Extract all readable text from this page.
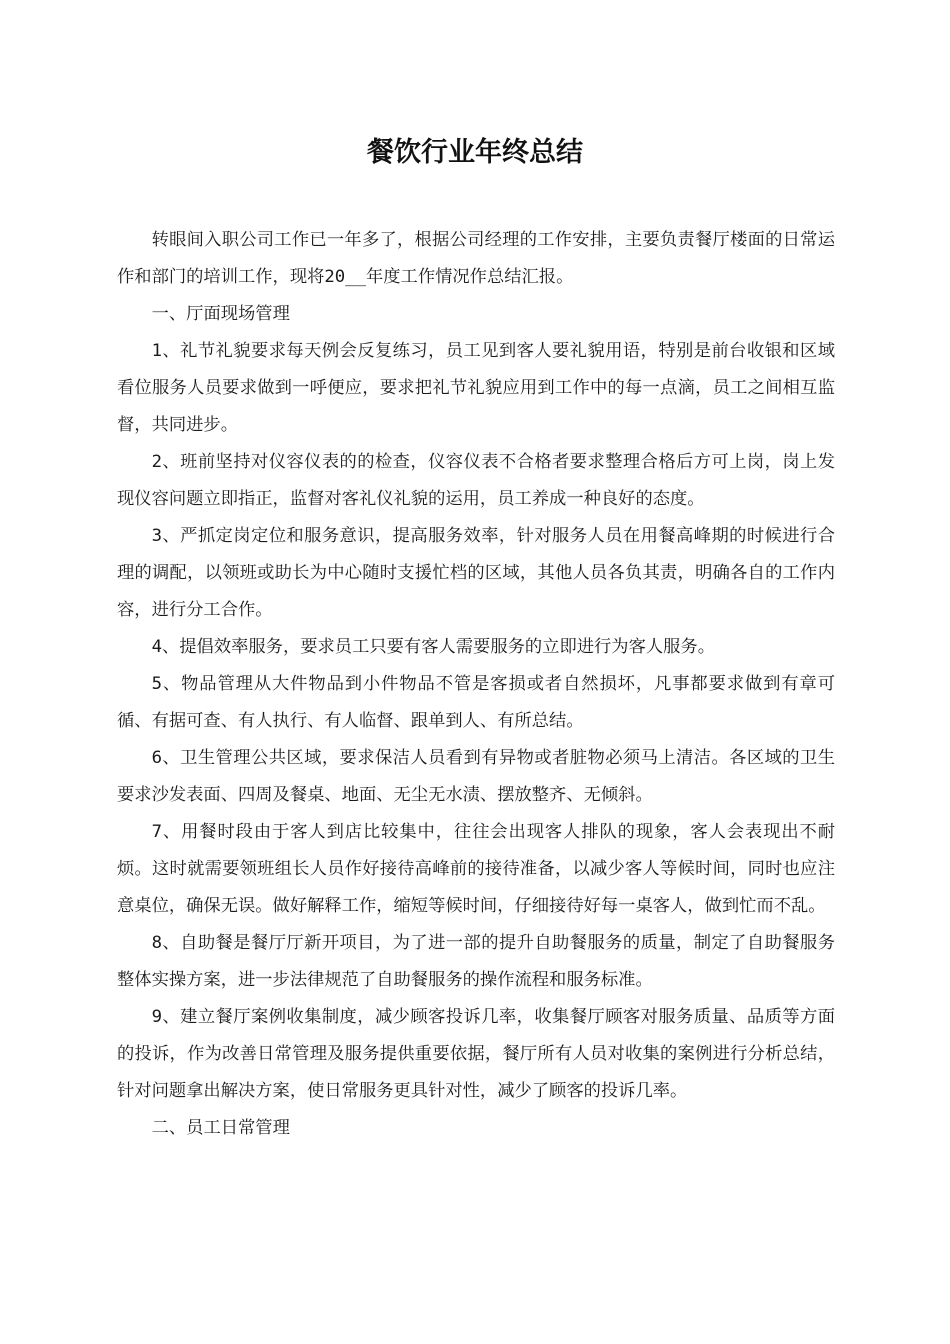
餐饮行业年终总结

转眼间入职公司工作已一年多了，根据公司经理的工作安排，主要负责餐厅楼面的日常运作和部门的培训工作，现将20__年度工作情况作总结汇报。

一、厅面现场管理

1、礼节礼貌要求每天例会反复练习，员工见到客人要礼貌用语，特别是前台收银和区域看位服务人员要求做到一呼便应，要求把礼节礼貌应用到工作中的每一点滴，员工之间相互监督，共同进步。

2、班前坚持对仪容仪表的的检查，仪容仪表不合格者要求整理合格后方可上岗，岗上发现仪容问题立即指正，监督对客礼仪礼貌的运用，员工养成一种良好的态度。

3、严抓定岗定位和服务意识，提高服务效率，针对服务人员在用餐高峰期的时候进行合理的调配，以领班或助长为中心随时支援忙档的区域，其他人员各负其责，明确各自的工作内容，进行分工合作。

4、提倡效率服务，要求员工只要有客人需要服务的立即进行为客人服务。

5、物品管理从大件物品到小件物品不管是客损或者自然损坏，凡事都要求做到有章可循、有据可查、有人执行、有人临督、跟单到人、有所总结。

6、卫生管理公共区域，要求保洁人员看到有异物或者脏物必须马上清洁。各区域的卫生要求沙发表面、四周及餐桌、地面、无尘无水渍、摆放整齐、无倾斜。

7、用餐时段由于客人到店比较集中，往往会出现客人排队的现象，客人会表现出不耐烦。这时就需要领班组长人员作好接待高峰前的接待准备，以减少客人等候时间，同时也应注意桌位，确保无误。做好解释工作，缩短等候时间，仔细接待好每一桌客人，做到忙而不乱。

8、自助餐是餐厅厅新开项目，为了进一部的提升自助餐服务的质量，制定了自助餐服务整体实操方案，进一步法律规范了自助餐服务的操作流程和服务标准。

9、建立餐厅案例收集制度，减少顾客投诉几率，收集餐厅顾客对服务质量、品质等方面的投诉，作为改善日常管理及服务提供重要依据，餐厅所有人员对收集的案例进行分析总结，针对问题拿出解决方案，使日常服务更具针对性，减少了顾客的投诉几率。

二、员工日常管理
